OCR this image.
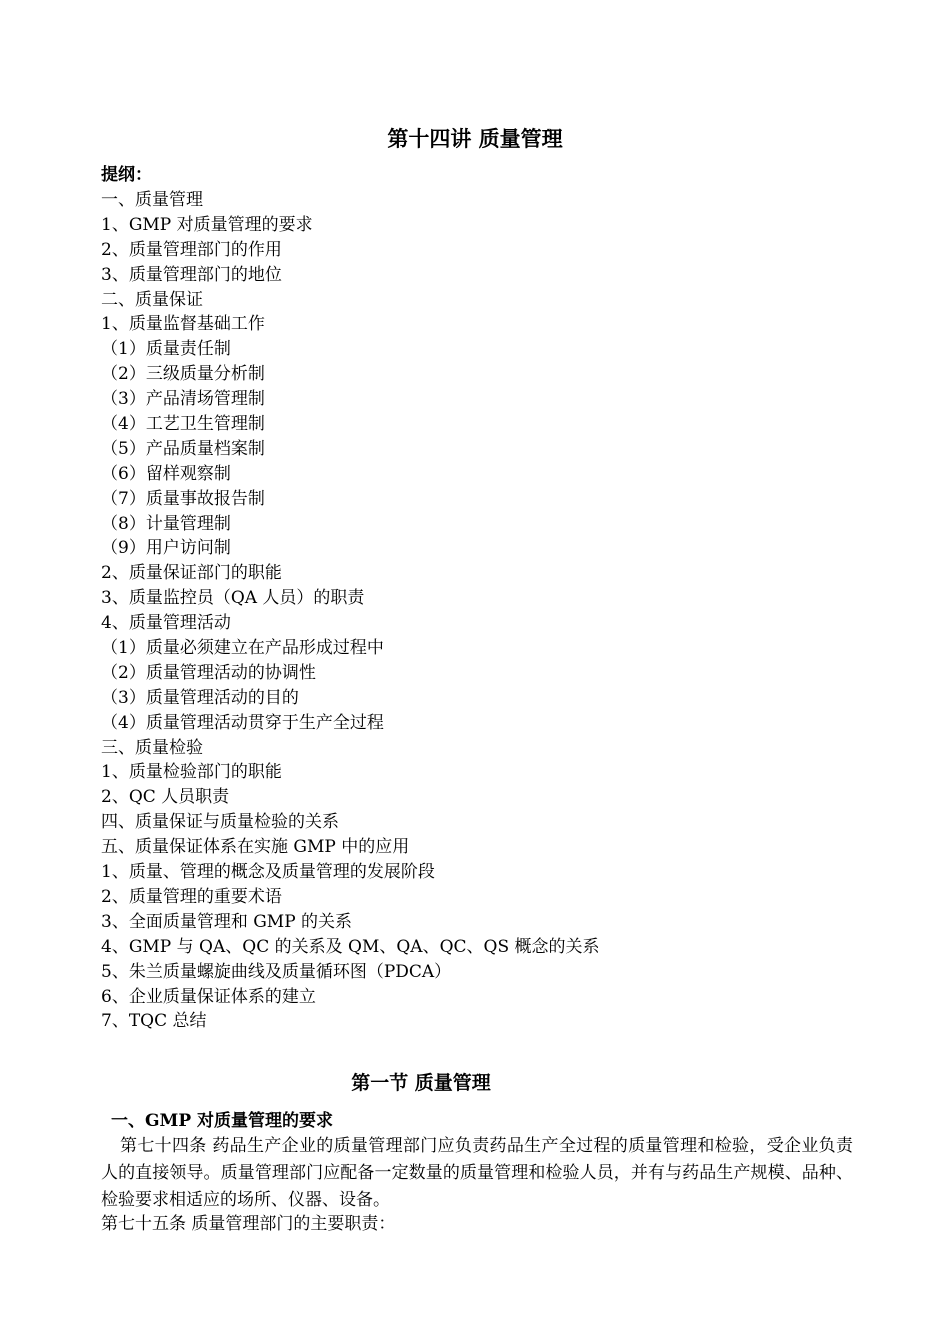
第十四讲 质量管理
提纲：
一、质量管理
1、GMP 对质量管理的要求
2、质量管理部门的作用
3、质量管理部门的地位
二、质量保证
1、质量监督基础工作
（1）质量责任制
（2）三级质量分析制
（3）产品清场管理制
（4）工艺卫生管理制
（5）产品质量档案制
（6）留样观察制
（7）质量事故报告制
（8）计量管理制
（9）用户访问制
2、质量保证部门的职能
3、质量监控员（QA 人员）的职责
4、质量管理活动
（1）质量必须建立在产品形成过程中
（2）质量管理活动的协调性
（3）质量管理活动的目的
（4）质量管理活动贯穿于生产全过程
三、质量检验
1、质量检验部门的职能
2、QC 人员职责
四、质量保证与质量检验的关系
五、质量保证体系在实施 GMP 中的应用
1、质量、管理的概念及质量管理的发展阶段
2、质量管理的重要术语
3、全面质量管理和 GMP 的关系
4、GMP 与 QA、QC 的关系及 QM、QA、QC、QS 概念的关系
5、朱兰质量螺旋曲线及质量循环图（PDCA）
6、企业质量保证体系的建立
7、TQC 总结
第一节 质量管理
一、GMP 对质量管理的要求
第七十四条 药品生产企业的质量管理部门应负责药品生产全过程的质量管理和检验，受企业负责人的直接领导。质量管理部门应配备一定数量的质量管理和检验人员，并有与药品生产规模、品种、检验要求相适应的场所、仪器、设备。
第七十五条 质量管理部门的主要职责：
